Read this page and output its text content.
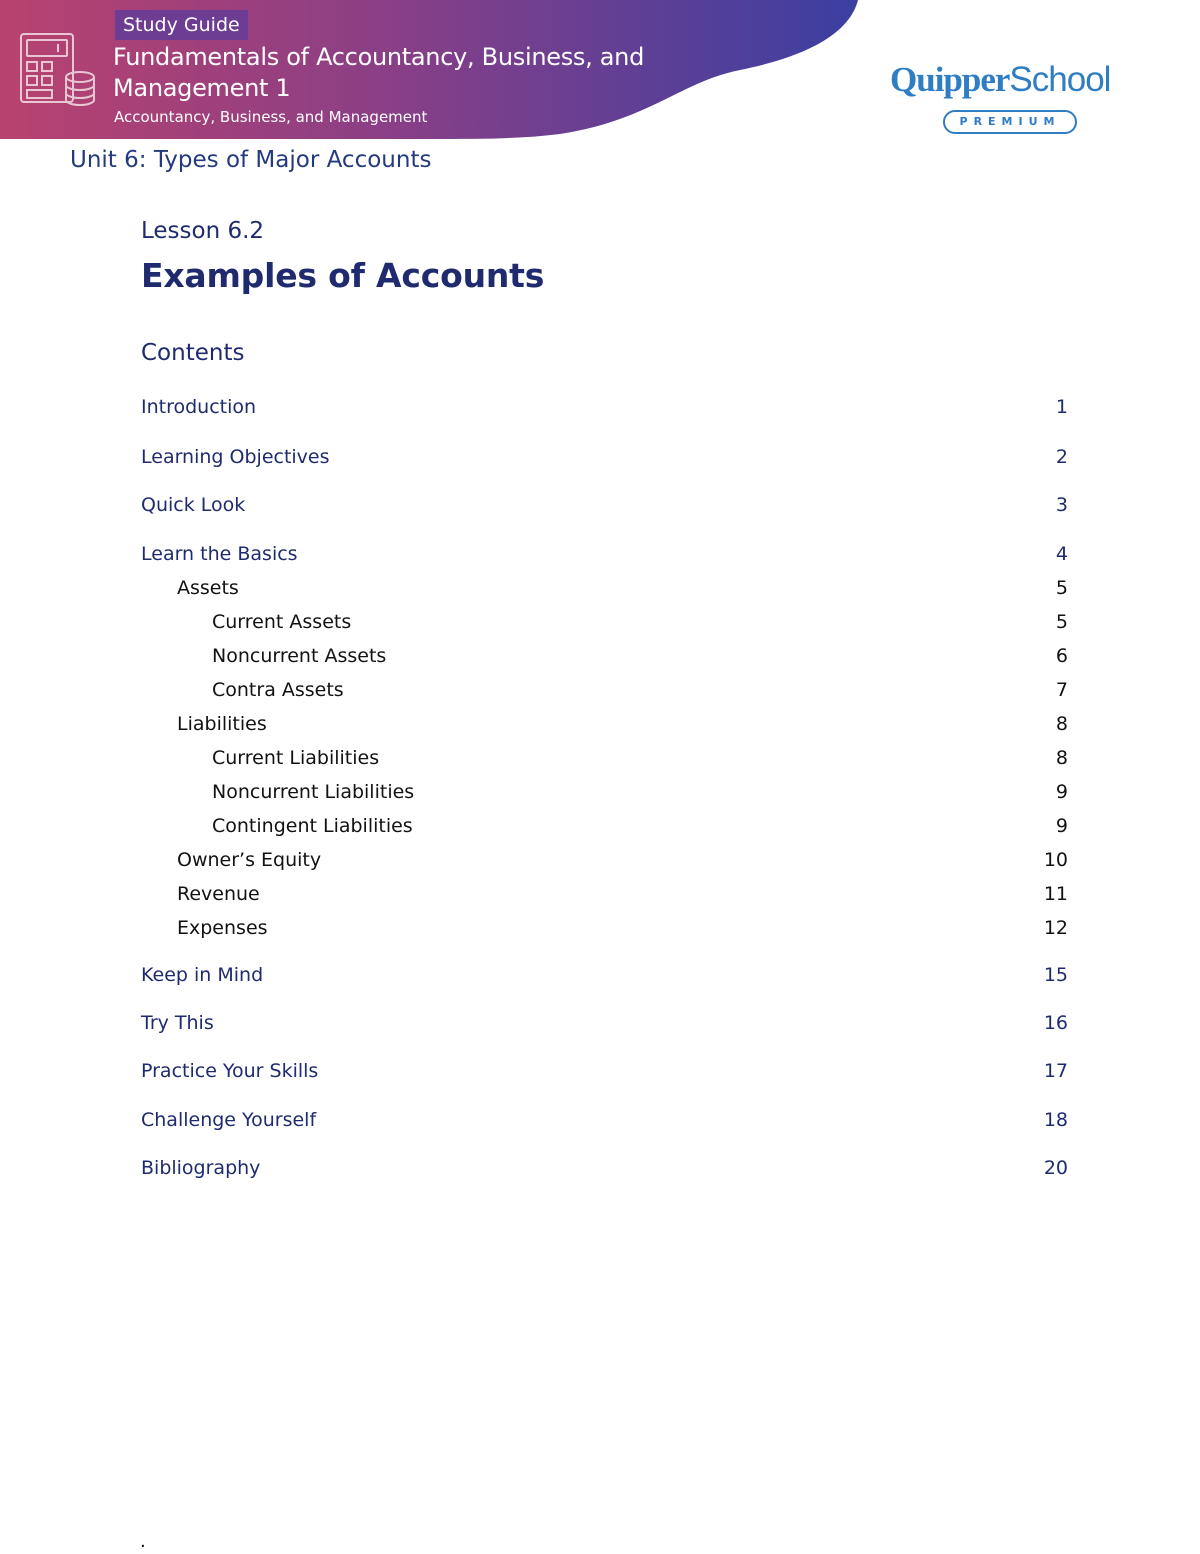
Study Guide
Fundamentals of Accountancy, Business, and Management 1
Accountancy, Business, and Management
QuipperSchool
PREMIUM
Unit 6: Types of Major Accounts
Lesson 6.2
Examples of Accounts
Contents
Introduction	1
Learning Objectives	2
Quick Look	3
Learn the Basics	4
Assets	5
Current Assets	5
Noncurrent Assets	6
Contra Assets	7
Liabilities	8
Current Liabilities	8
Noncurrent Liabilities	9
Contingent Liabilities	9
Owner’s Equity	10
Revenue	11
Expenses	12
Keep in Mind	15
Try This	16
Practice Your Skills	17
Challenge Yourself	18
Bibliography	20
.
